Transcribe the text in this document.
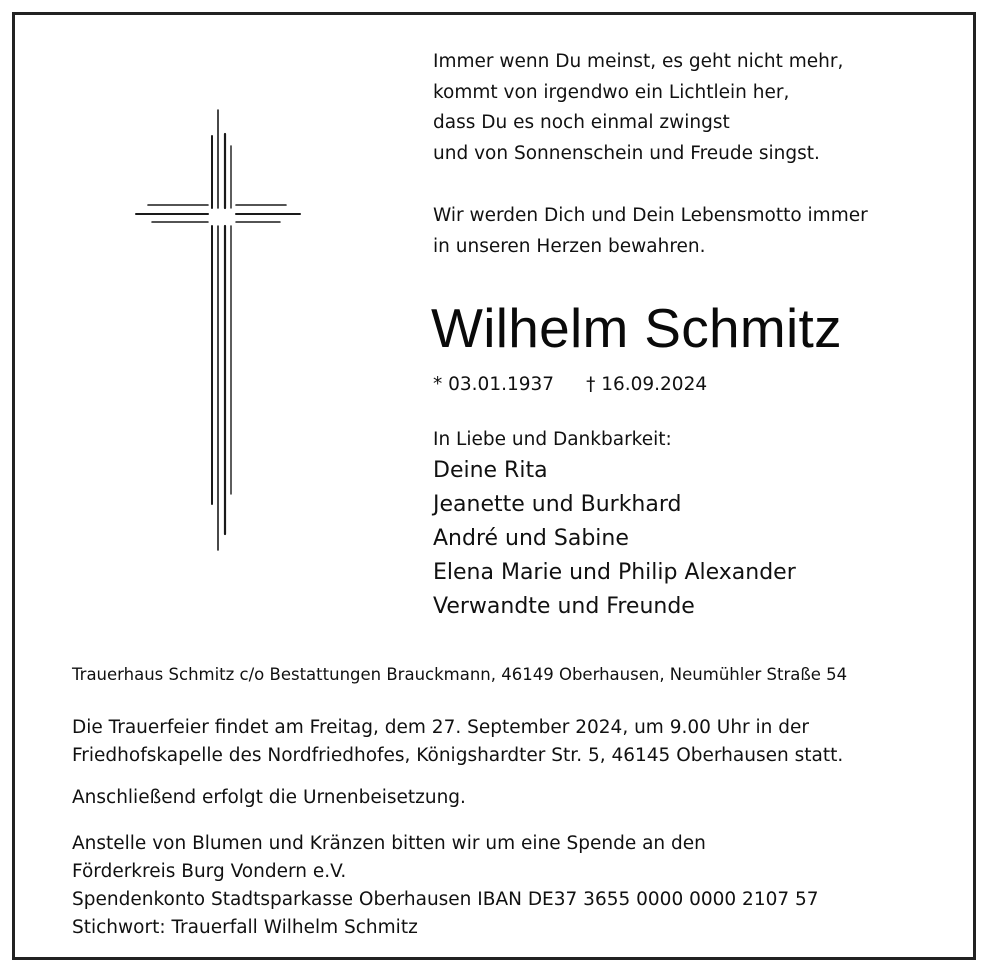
Immer wenn Du meinst, es geht nicht mehr,
kommt von irgendwo ein Lichtlein her,
dass Du es noch einmal zwingst
und von Sonnenschein und Freude singst.
Wir werden Dich und Dein Lebensmotto immer
in unseren Herzen bewahren.
Wilhelm Schmitz
* 03.01.1937 † 16.09.2024
In Liebe und Dankbarkeit:
Deine Rita
Jeanette und Burkhard
André und Sabine
Elena Marie und Philip Alexander
Verwandte und Freunde
Trauerhaus Schmitz c/o Bestattungen Brauckmann, 46149 Oberhausen, Neumühler Straße 54
Die Trauerfeier findet am Freitag, dem 27. September 2024, um 9.00 Uhr in der
Friedhofskapelle des Nordfriedhofes, Königshardter Str. 5, 46145 Oberhausen statt.
Anschließend erfolgt die Urnenbeisetzung.
Anstelle von Blumen und Kränzen bitten wir um eine Spende an den
Förderkreis Burg Vondern e.V.
Spendenkonto Stadtsparkasse Oberhausen IBAN DE37 3655 0000 0000 2107 57
Stichwort: Trauerfall Wilhelm Schmitz
